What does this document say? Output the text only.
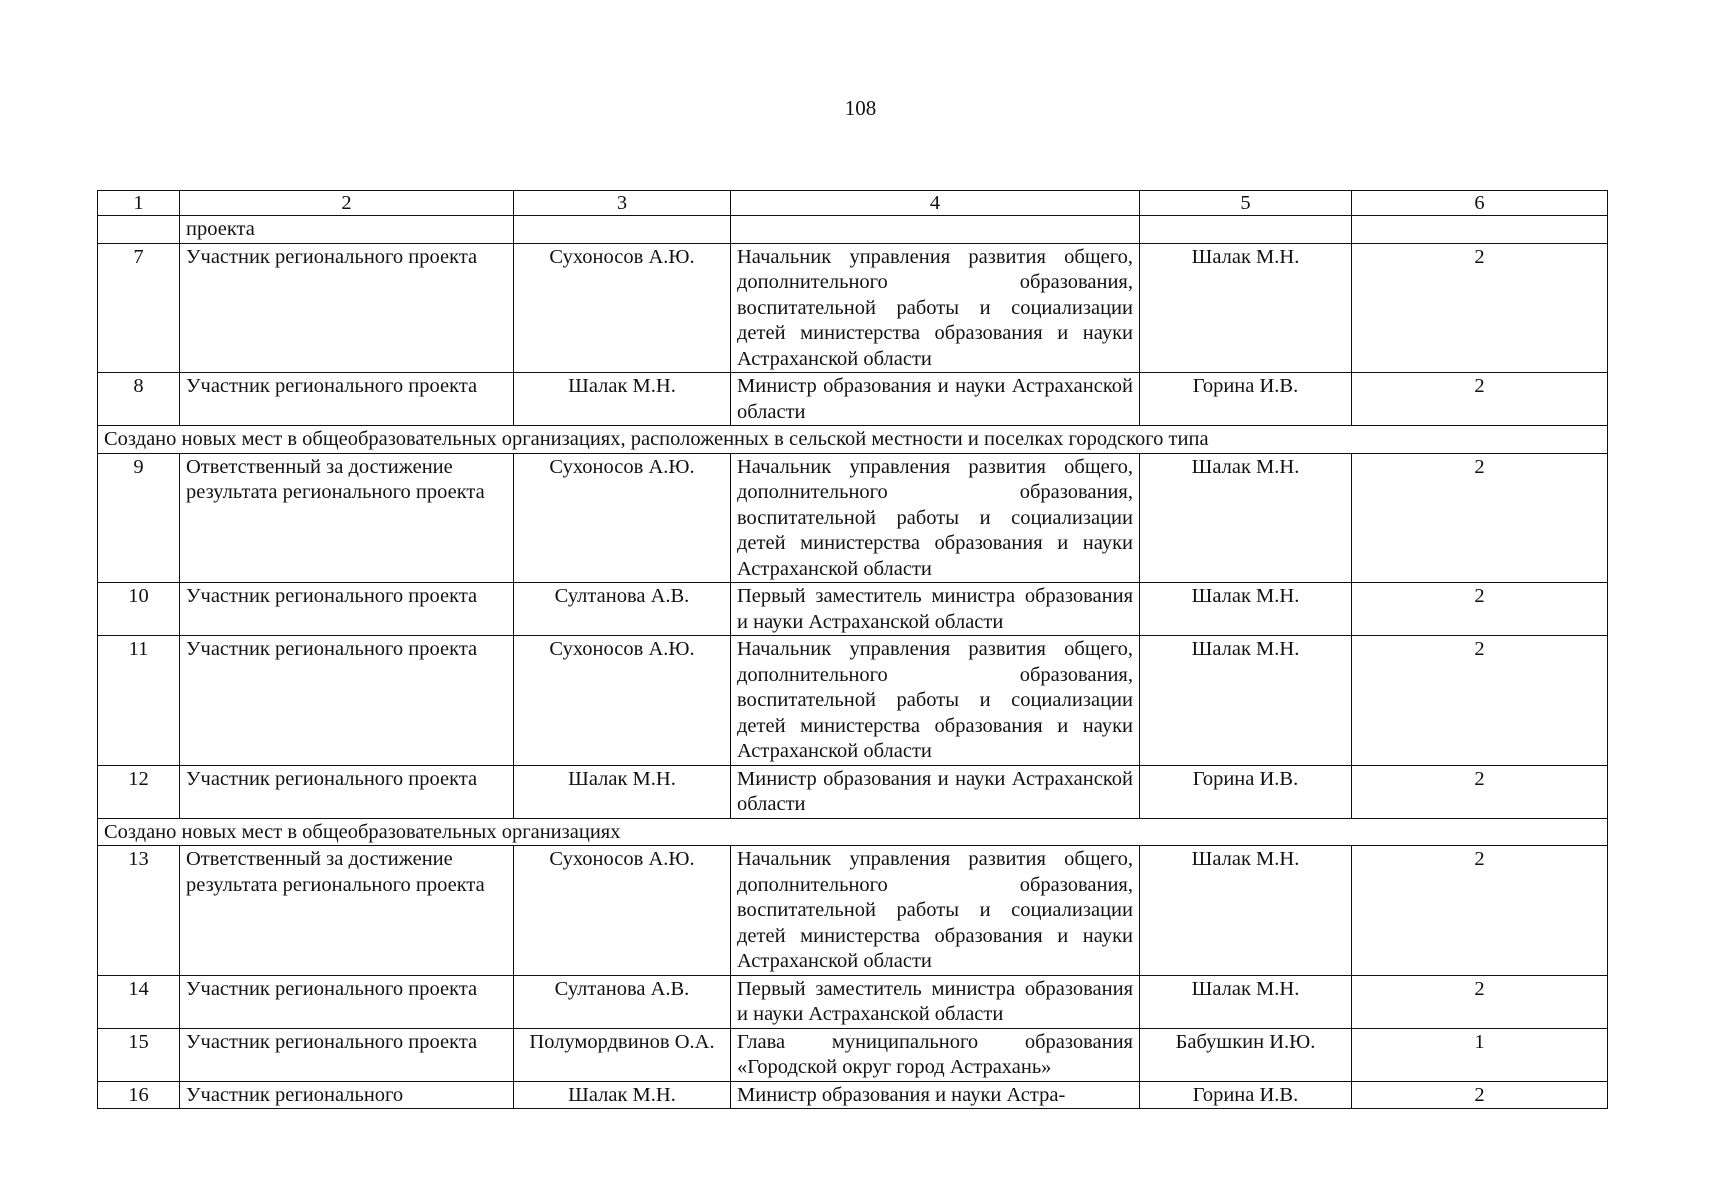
108
1	2	3	4	5	6
	проекта				
7	Участник регионального проекта	Сухоносов А.Ю.	Начальник управления развития общего, дополнительного образования, воспитательной работы и социализации детей министерства образования и науки Астраханской области	Шалак М.Н.	2
8	Участник регионального проекта	Шалак М.Н.	Министр образования и науки Астраханской области	Горина И.В.	2
Создано новых мест в общеобразовательных организациях, расположенных в сельской местности и поселках городского типа					
9	Ответственный за достижение результата регионального проекта	Сухоносов А.Ю.	Начальник управления развития общего, дополнительного образования, воспитательной работы и социализации детей министерства образования и науки Астраханской области	Шалак М.Н.	2
10	Участник регионального проекта	Султанова А.В.	Первый заместитель министра образования и науки Астраханской области	Шалак М.Н.	2
11	Участник регионального проекта	Сухоносов А.Ю.	Начальник управления развития общего, дополнительного образования, воспитательной работы и социализации детей министерства образования и науки Астраханской области	Шалак М.Н.	2
12	Участник регионального проекта	Шалак М.Н.	Министр образования и науки Астраханской области	Горина И.В.	2
Создано новых мест в общеобразовательных организациях					
13	Ответственный за достижение результата регионального проекта	Сухоносов А.Ю.	Начальник управления развития общего, дополнительного образования, воспитательной работы и социализации детей министерства образования и науки Астраханской области	Шалак М.Н.	2
14	Участник регионального проекта	Султанова А.В.	Первый заместитель министра образования и науки Астраханской области	Шалак М.Н.	2
15	Участник регионального проекта	Полумордвинов О.А.	Глава муниципального образования «Городской округ город Астрахань»	Бабушкин И.Ю.	1
16	Участник регионального	Шалак М.Н.	Министр образования и науки Астра-	Горина И.В.	2
